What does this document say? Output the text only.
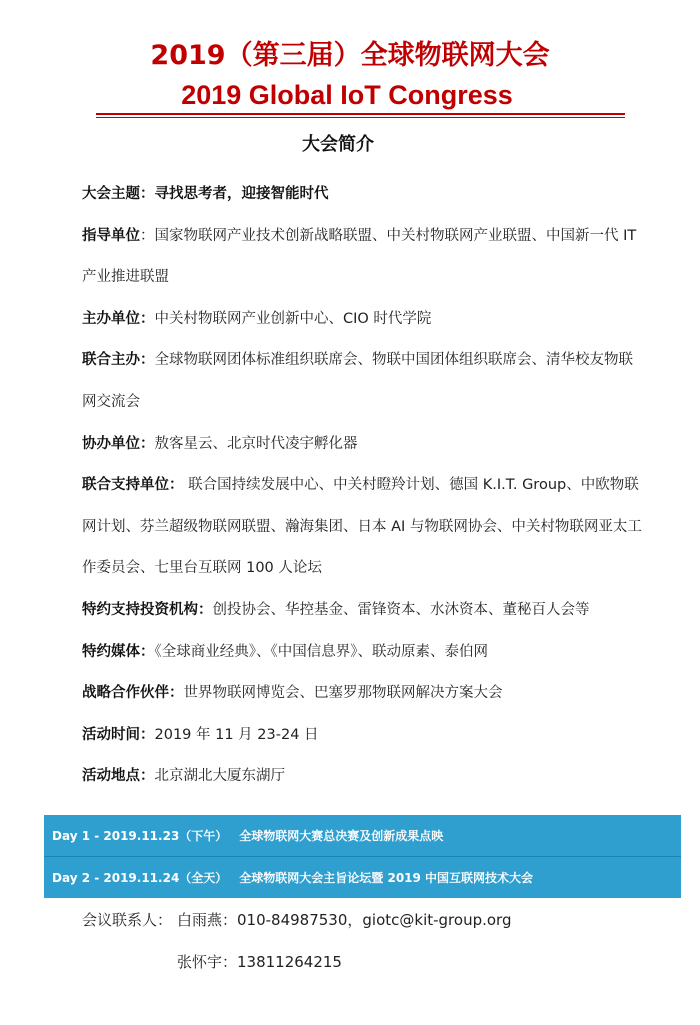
2019（第三届）全球物联网大会
2019 Global IoT Congress
大会简介
大会主题：寻找思考者，迎接智能时代
指导单位：国家物联网产业技术创新战略联盟、中关村物联网产业联盟、中国新一代 IT 产业推进联盟
主办单位：中关村物联网产业创新中心、CIO 时代学院
联合主办：全球物联网团体标准组织联席会、物联中国团体组织联席会、清华校友物联网交流会
协办单位：敖客星云、北京时代凌宇孵化器
联合支持单位： 联合国持续发展中心、中关村瞪羚计划、德国 K.I.T. Group、中欧物联网计划、芬兰超级物联网联盟、瀚海集团、日本 AI 与物联网协会、中关村物联网亚太工作委员会、七里台互联网 100 人论坛
特约支持投资机构：创投协会、华控基金、雷锋资本、水沐资本、董秘百人会等
特约媒体：《全球商业经典》、《中国信息界》、联动原素、泰伯网
战略合作伙伴：世界物联网博览会、巴塞罗那物联网解决方案大会
活动时间：2019 年 11 月 23-24 日
活动地点：北京湖北大厦东湖厅
Day 1 - 2019.11.23（下午） 全球物联网大赛总决赛及创新成果点映
Day 2 - 2019.11.24（全天） 全球物联网大会主旨论坛暨 2019 中国互联网技术大会
会议联系人： 白雨燕：010-84987530，giotc@kit-group.org
张怀宇：13811264215
